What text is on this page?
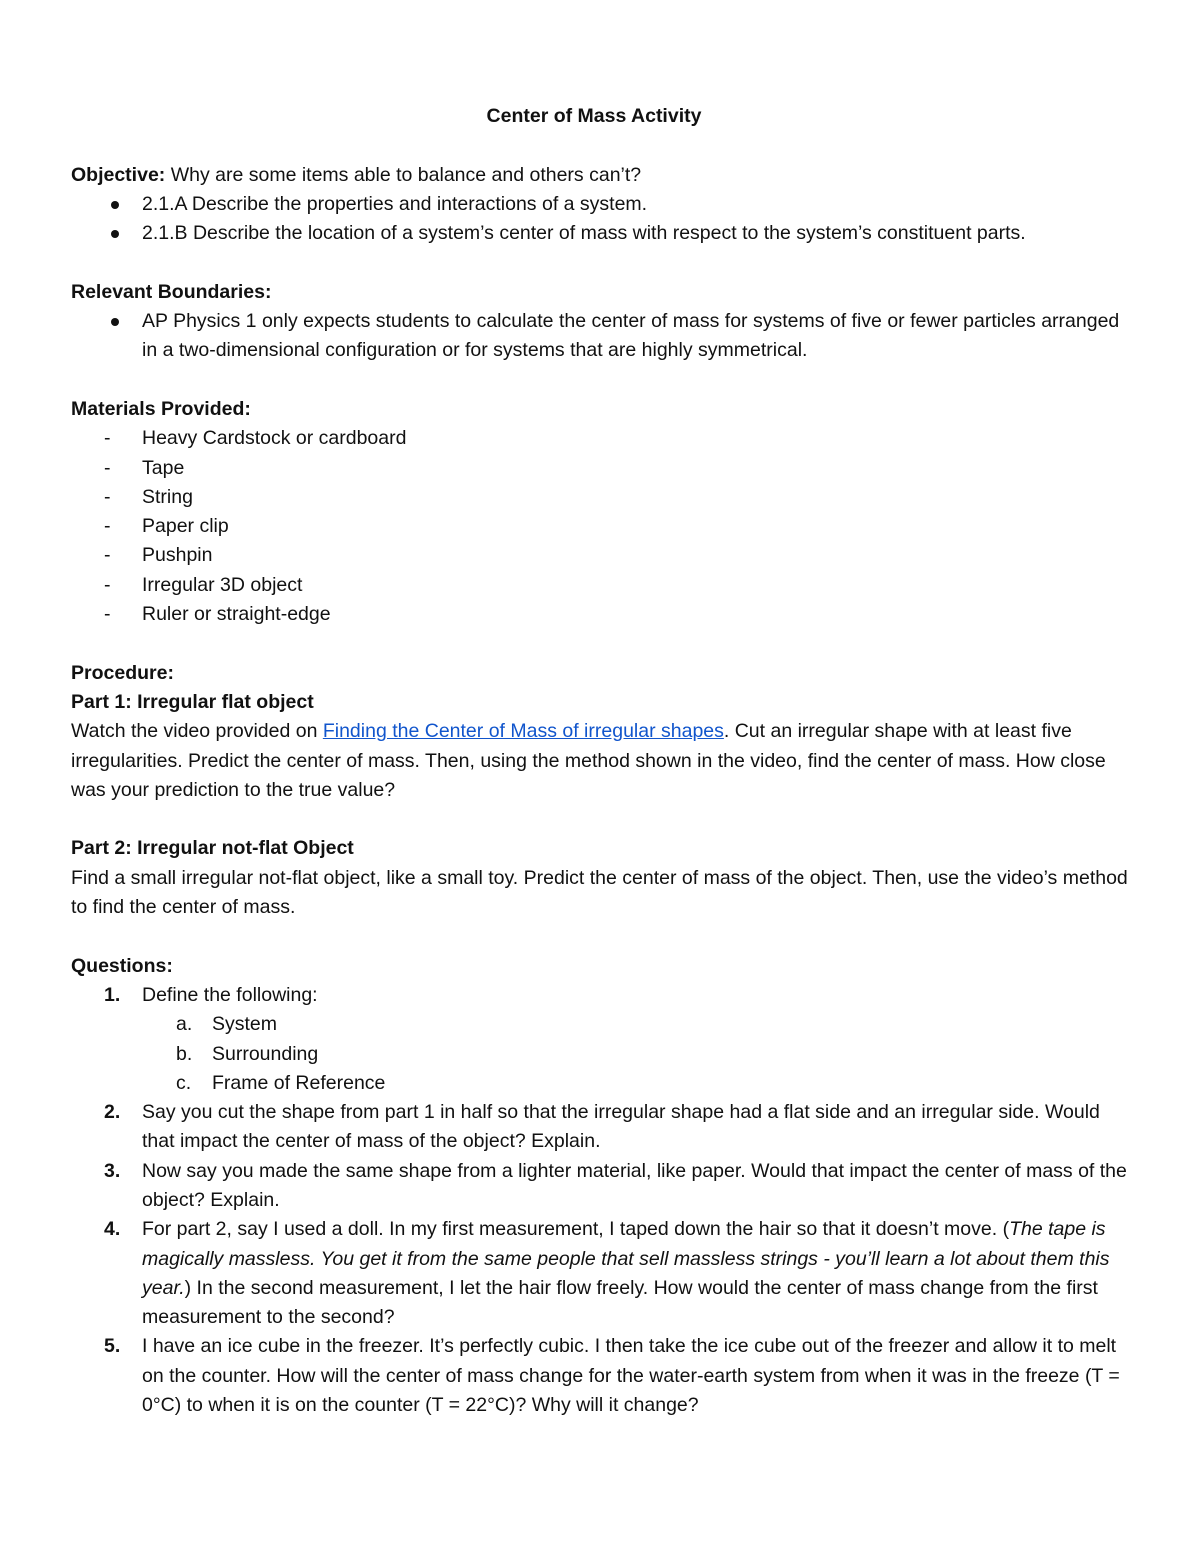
Center of Mass Activity

Objective: Why are some items able to balance and others can’t?

2.1.A Describe the properties and interactions of a system.
2.1.B Describe the location of a system’s center of mass with respect to the system’s constituent parts.

Relevant Boundaries:

AP Physics 1 only expects students to calculate the center of mass for systems of five or fewer particles arranged in a two-dimensional configuration or for systems that are highly symmetrical.

Materials Provided:

- Heavy Cardstock or cardboard
- Tape
- String
- Paper clip
- Pushpin
- Irregular 3D object
- Ruler or straight-edge

Procedure:

Part 1: Irregular flat object

Watch the video provided on Finding the Center of Mass of irregular shapes. Cut an irregular shape with at least five irregularities. Predict the center of mass. Then, using the method shown in the video, find the center of mass. How close was your prediction to the true value?

Part 2: Irregular not-flat Object

Find a small irregular not-flat object, like a small toy. Predict the center of mass of the object. Then, use the video’s method to find the center of mass.

Questions:

1. Define the following:
a. System
b. Surrounding
c. Frame of Reference
2. Say you cut the shape from part 1 in half so that the irregular shape had a flat side and an irregular side. Would that impact the center of mass of the object? Explain.
3. Now say you made the same shape from a lighter material, like paper. Would that impact the center of mass of the object? Explain.
4. For part 2, say I used a doll. In my first measurement, I taped down the hair so that it doesn’t move. (The tape is magically massless. You get it from the same people that sell massless strings - you’ll learn a lot about them this year.) In the second measurement, I let the hair flow freely. How would the center of mass change from the first measurement to the second?
5. I have an ice cube in the freezer. It’s perfectly cubic. I then take the ice cube out of the freezer and allow it to melt on the counter. How will the center of mass change for the water-earth system from when it was in the freeze (T = 0°C) to when it is on the counter (T = 22°C)? Why will it change?
